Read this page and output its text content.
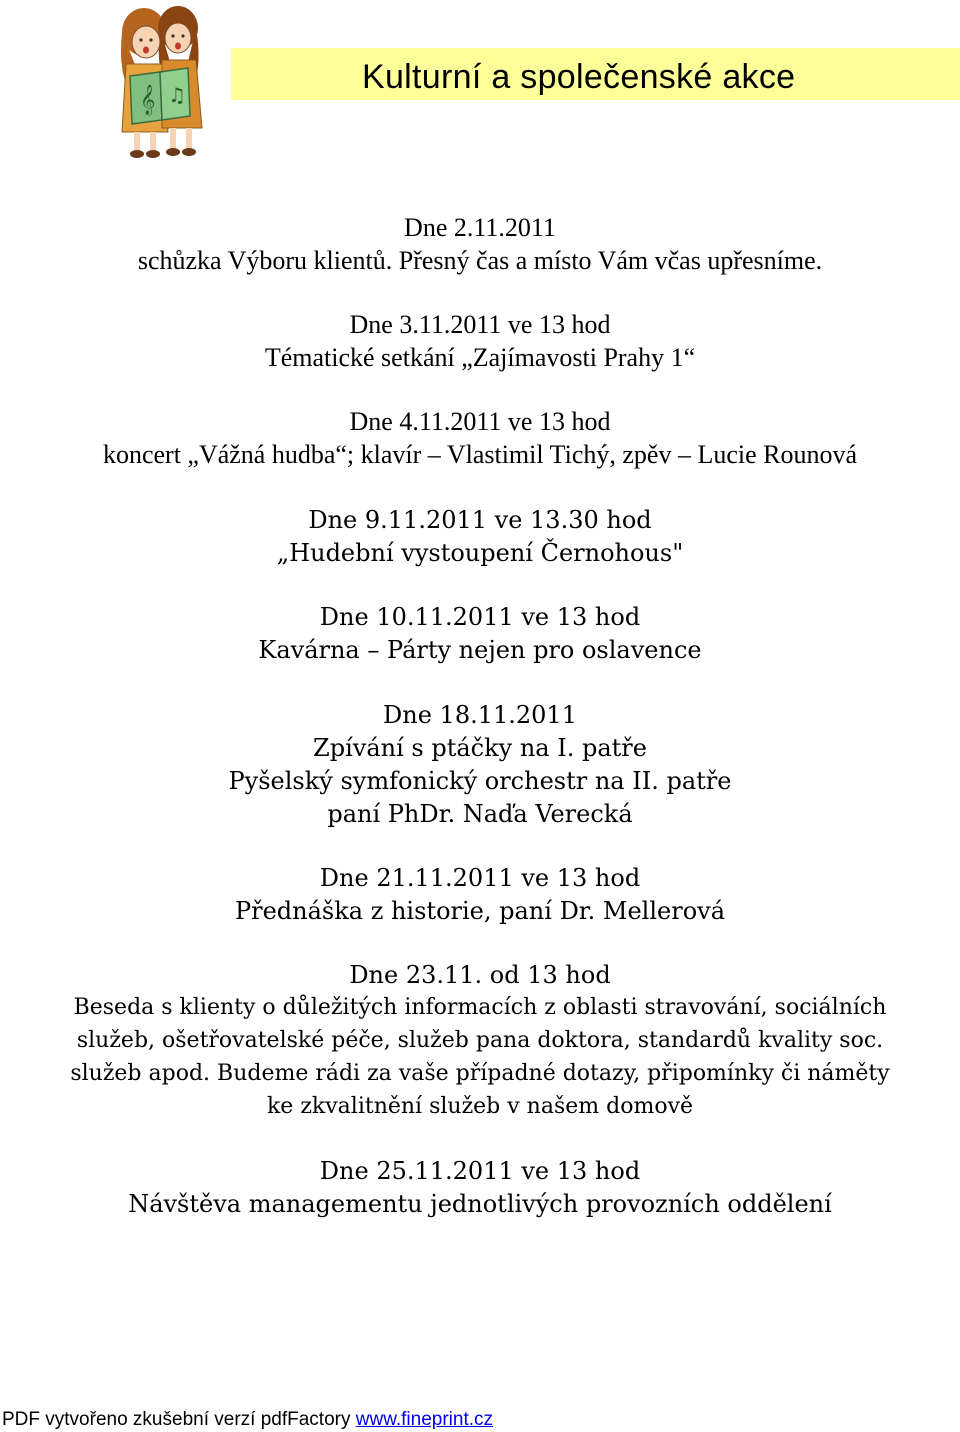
Kulturní a společenské akce
𝄞 ♫
Dne 2.11.2011
schůzka Výboru klientů. Přesný čas a místo Vám včas upřesníme.
Dne 3.11.2011 ve 13 hod
Tématické setkání „Zajímavosti Prahy 1“
Dne 4.11.2011 ve 13 hod
koncert „Vážná hudba“; klavír – Vlastimil Tichý, zpěv – Lucie Rounová
Dne 9.11.2011 ve 13.30 hod
„Hudební vystoupení Černohous"
Dne 10.11.2011 ve 13 hod
Kavárna – Párty nejen pro oslavence
Dne 18.11.2011
Zpívání s ptáčky na I. patře
Pyšelský symfonický orchestr na II. patře
paní PhDr. Naďa Verecká
Dne 21.11.2011 ve 13 hod
Přednáška z historie, paní Dr. Mellerová
Dne 23.11. od 13 hod
Beseda s klienty o důležitých informacích z oblasti stravování, sociálních
služeb, ošetřovatelské péče, služeb pana doktora, standardů kvality soc.
služeb apod. Budeme rádi za vaše případné dotazy, připomínky či náměty
ke zkvalitnění služeb v našem domově
Dne 25.11.2011 ve 13 hod
Návštěva managementu jednotlivých provozních oddělení
PDF vytvořeno zkušební verzí pdfFactory www.fineprint.cz
